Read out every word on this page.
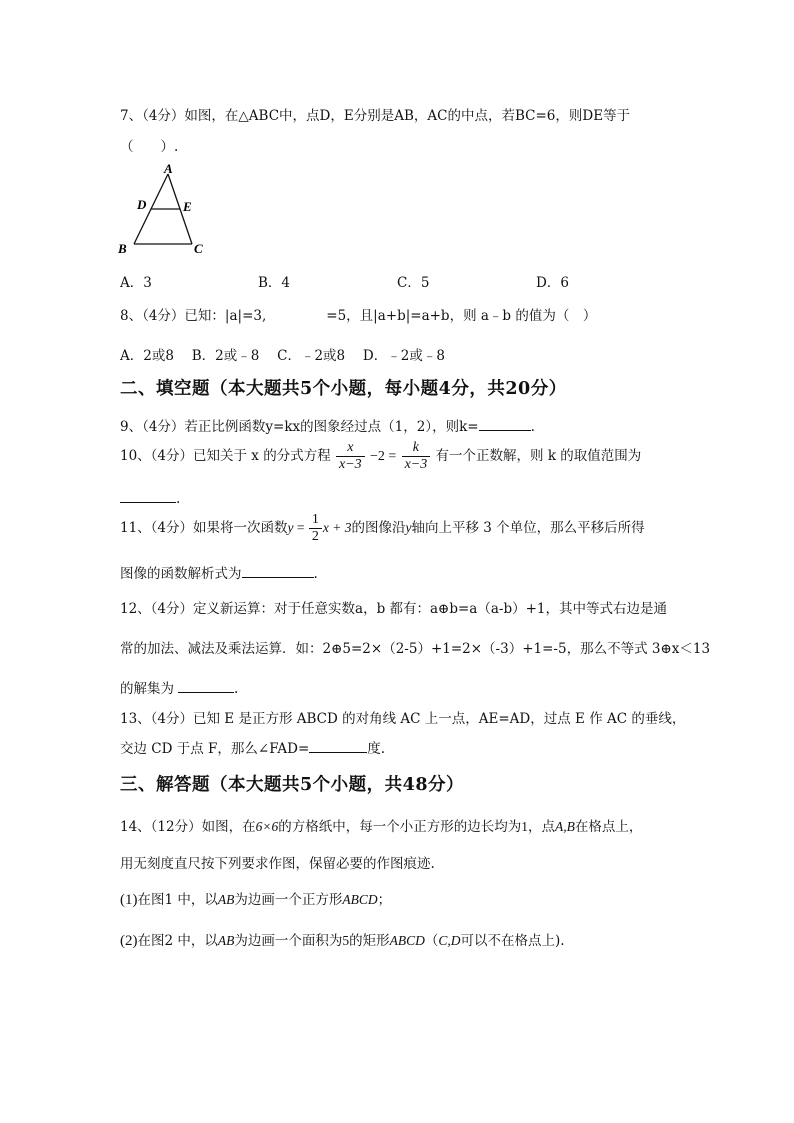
7、（4分）如图，在△ABC中，点D，E分别是AB，AC的中点，若BC=6，则DE等于
（　　）.
A
D	E
B	C
A．3	B．4	C．5	D．6
8、（4分）已知：|a|=3,	=5，且|a+b|=a+b，则 a﹣b 的值为（　）
A．2或8　 B．2或﹣8　 C．﹣2或8　 D．﹣2或﹣8
二、填空题（本大题共5个小题，每小题4分，共20分）
9、（4分）若正比例函数y=kx的图象经过点（1，2），则k=	.
10、（4分）已知关于 x 的分式方程 $\frac{x}{x-3} -2 = \frac{k}{x-3}$ 有一个正数解，则 k 的取值范围为
.
11、（4分）如果将一次函数$y = \frac{1}{2}$ x + 3的图像沿y轴向上平移 3 个单位，那么平移后所得
图像的函数解析式为	.
12、（4分）定义新运算：对于任意实数a，b 都有：a⊕b=a（a-b）+1，其中等式右边是通
常的加法、减法及乘法运算．如：2⊕5=2×（2-5）+1=2×（-3）+1=-5，那么不等式 3⊕x＜13
的解集为	.
13、（4分）已知 E 是正方形 ABCD 的对角线 AC 上一点，AE=AD，过点 E 作 AC 的垂线，
交边 CD 于点 F，那么∠FAD=	度.
三、解答题（本大题共5个小题，共48分）
14、（12分）如图，在6×6的方格纸中，每一个小正方形的边长均为1，点A,B在格点上，
用无刻度直尺按下列要求作图，保留必要的作图痕迹.
(1)在图1 中，以AB为边画一个正方形ABCD；
(2)在图2 中，以AB为边画一个面积为5的矩形ABCD（C,D可以不在格点上).
